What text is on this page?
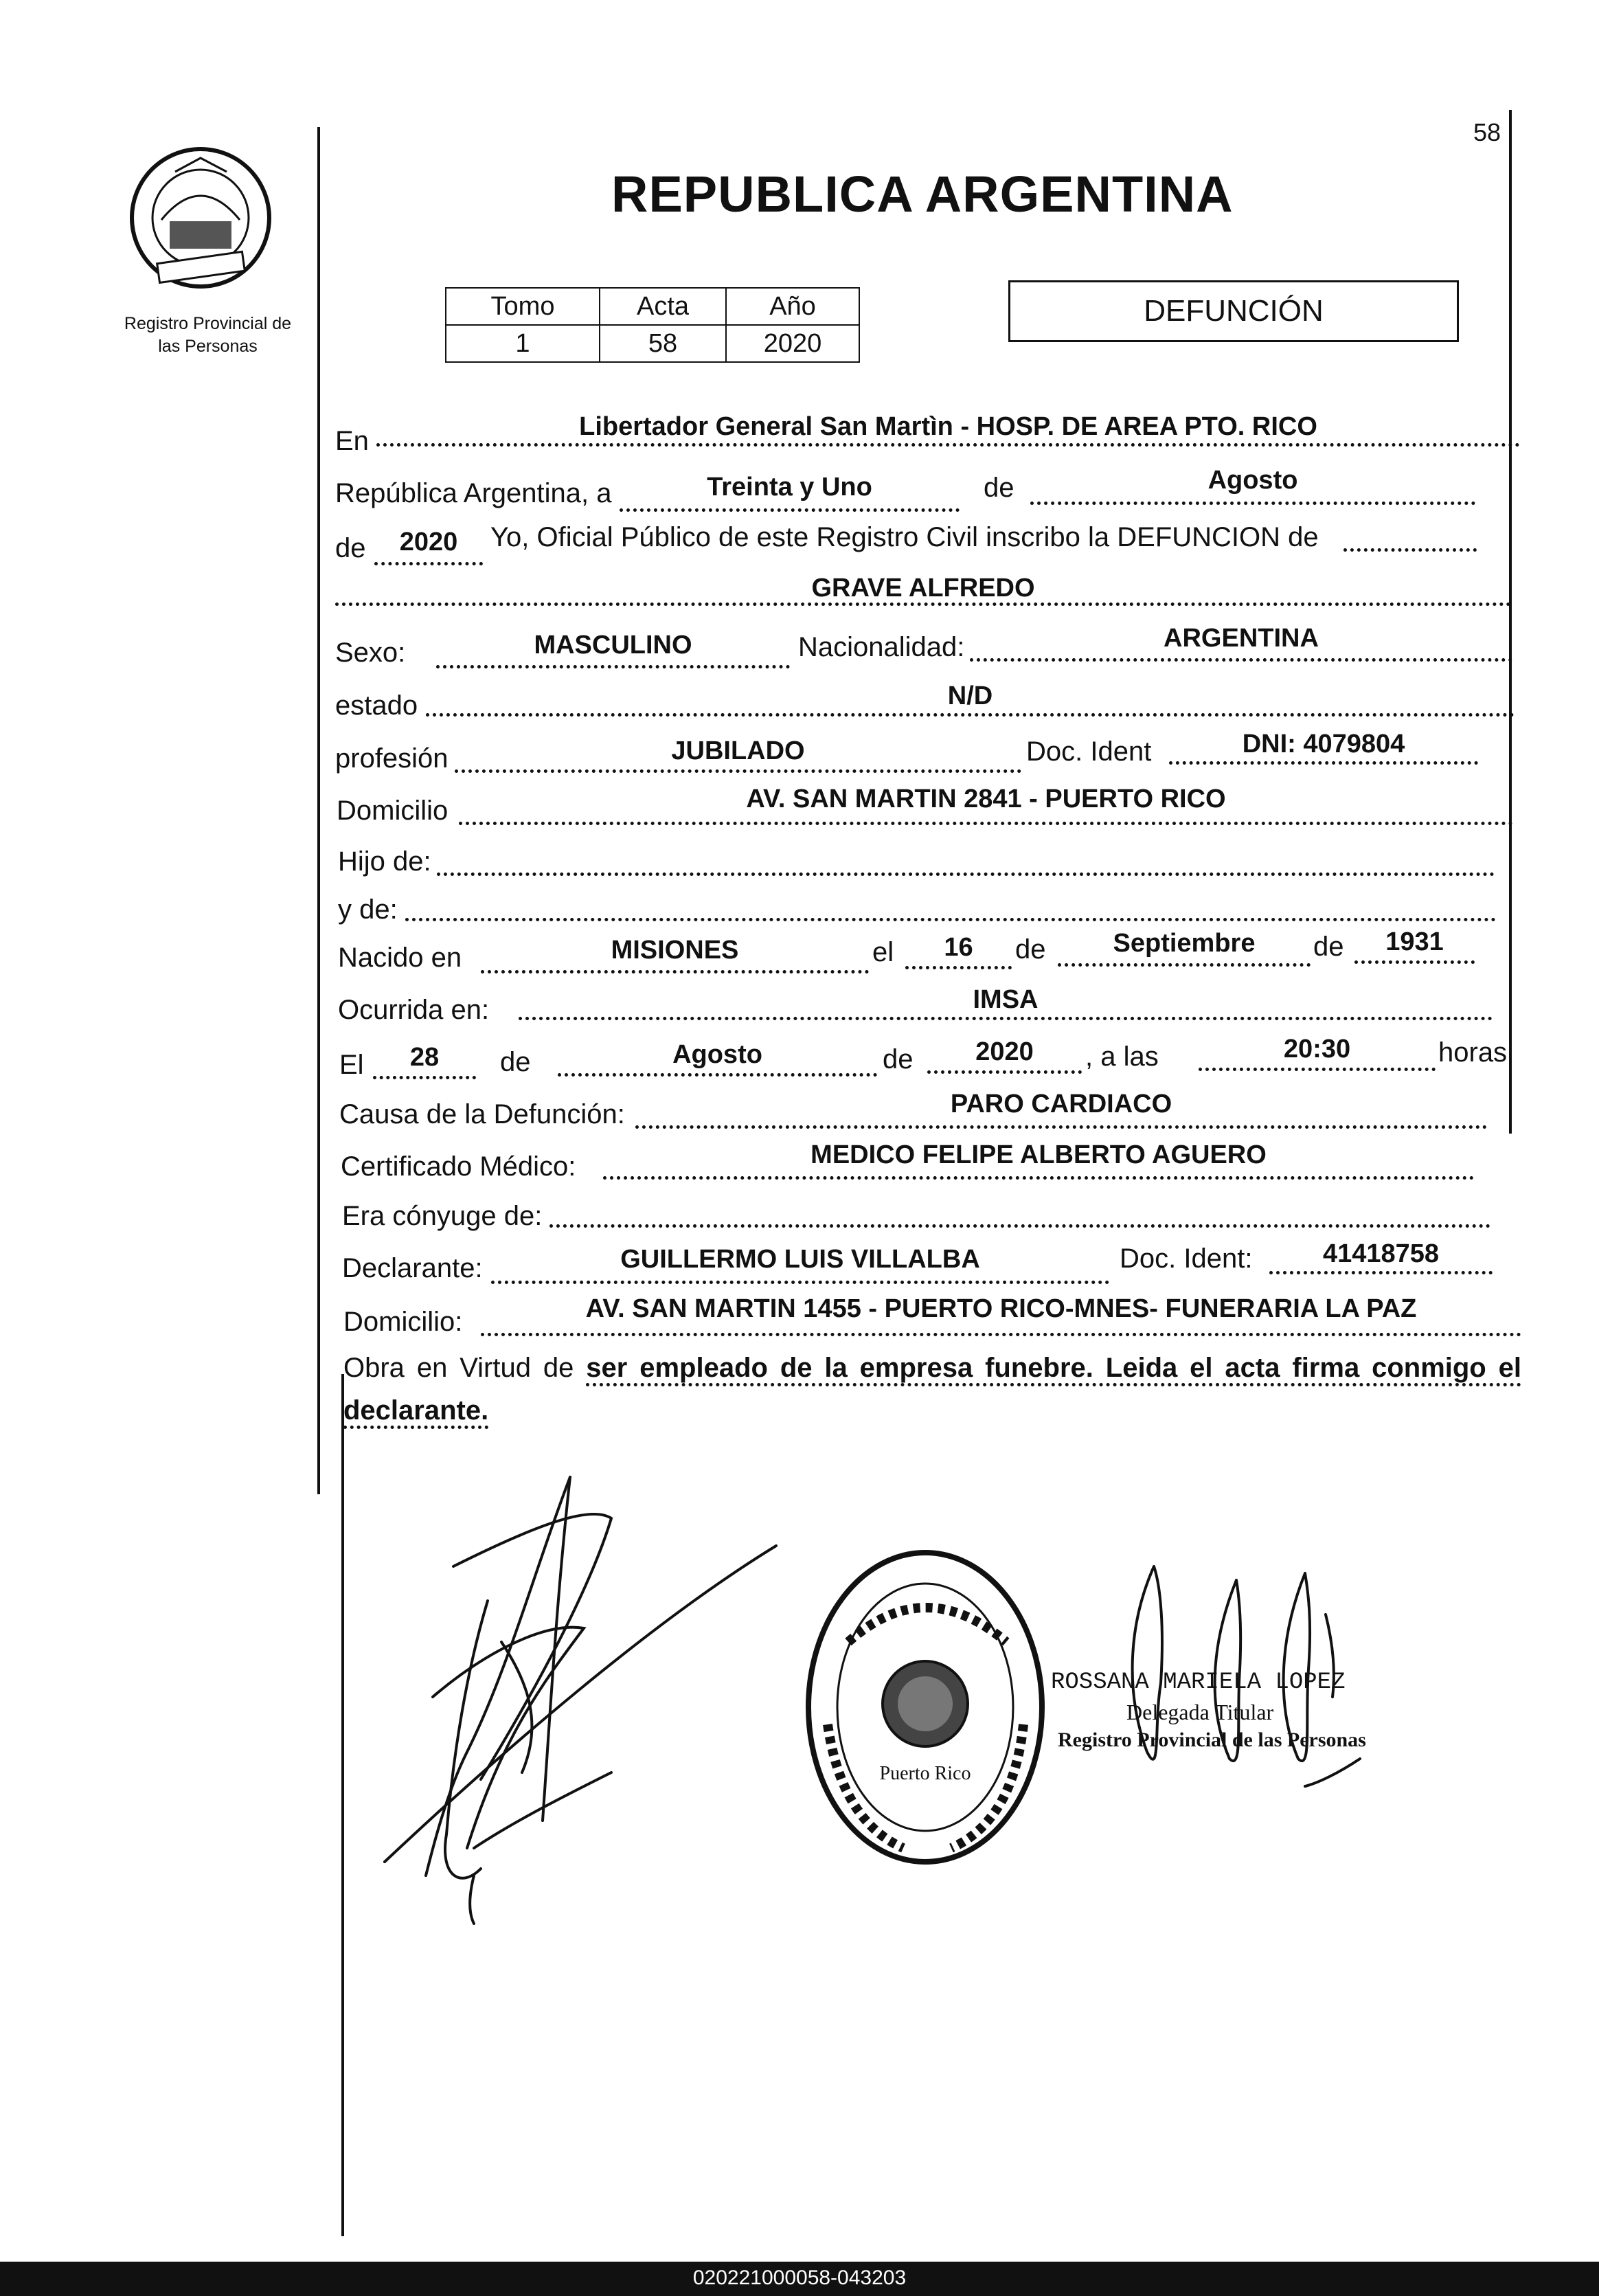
Registro Provincial de
las Personas
58
REPUBLICA ARGENTINA
Tomo	Acta	Año
1	58	2020
DEFUNCIÓN
En	Libertador General San Martìn - HOSP. DE AREA PTO. RICO
República Argentina, a	Treinta y Uno	de	Agosto
de	2020	Yo, Oficial Público de este Registro Civil inscribo la DEFUNCION de
GRAVE ALFREDO
Sexo:	MASCULINO	Nacionalidad:	ARGENTINA
estado	N/D
profesión	JUBILADO	Doc. Ident	DNI: 4079804
Domicilio	AV. SAN MARTIN 2841 - PUERTO RICO
Hijo de:
y de:
Nacido en	MISIONES	el	16	de	Septiembre	de	1931
Ocurrida en:	IMSA
El	28	de	Agosto	de	2020	, a las	20:30	horas
Causa de la Defunción:	PARO CARDIACO
Certificado Médico:	MEDICO FELIPE ALBERTO AGUERO
Era cónyuge de:
Declarante:	GUILLERMO LUIS VILLALBA	Doc. Ident:	41418758
Domicilio:	AV. SAN MARTIN 1455 - PUERTO RICO-MNES- FUNERARIA LA PAZ
Obra en Virtud de ser empleado de la empresa funebre. Leida el acta firma conmigo el declarante.
Puerto Rico
ROSSANA MARIELA LOPEZ
Delegada Titular
Registro Provincial de las Personas
020221000058-043203
